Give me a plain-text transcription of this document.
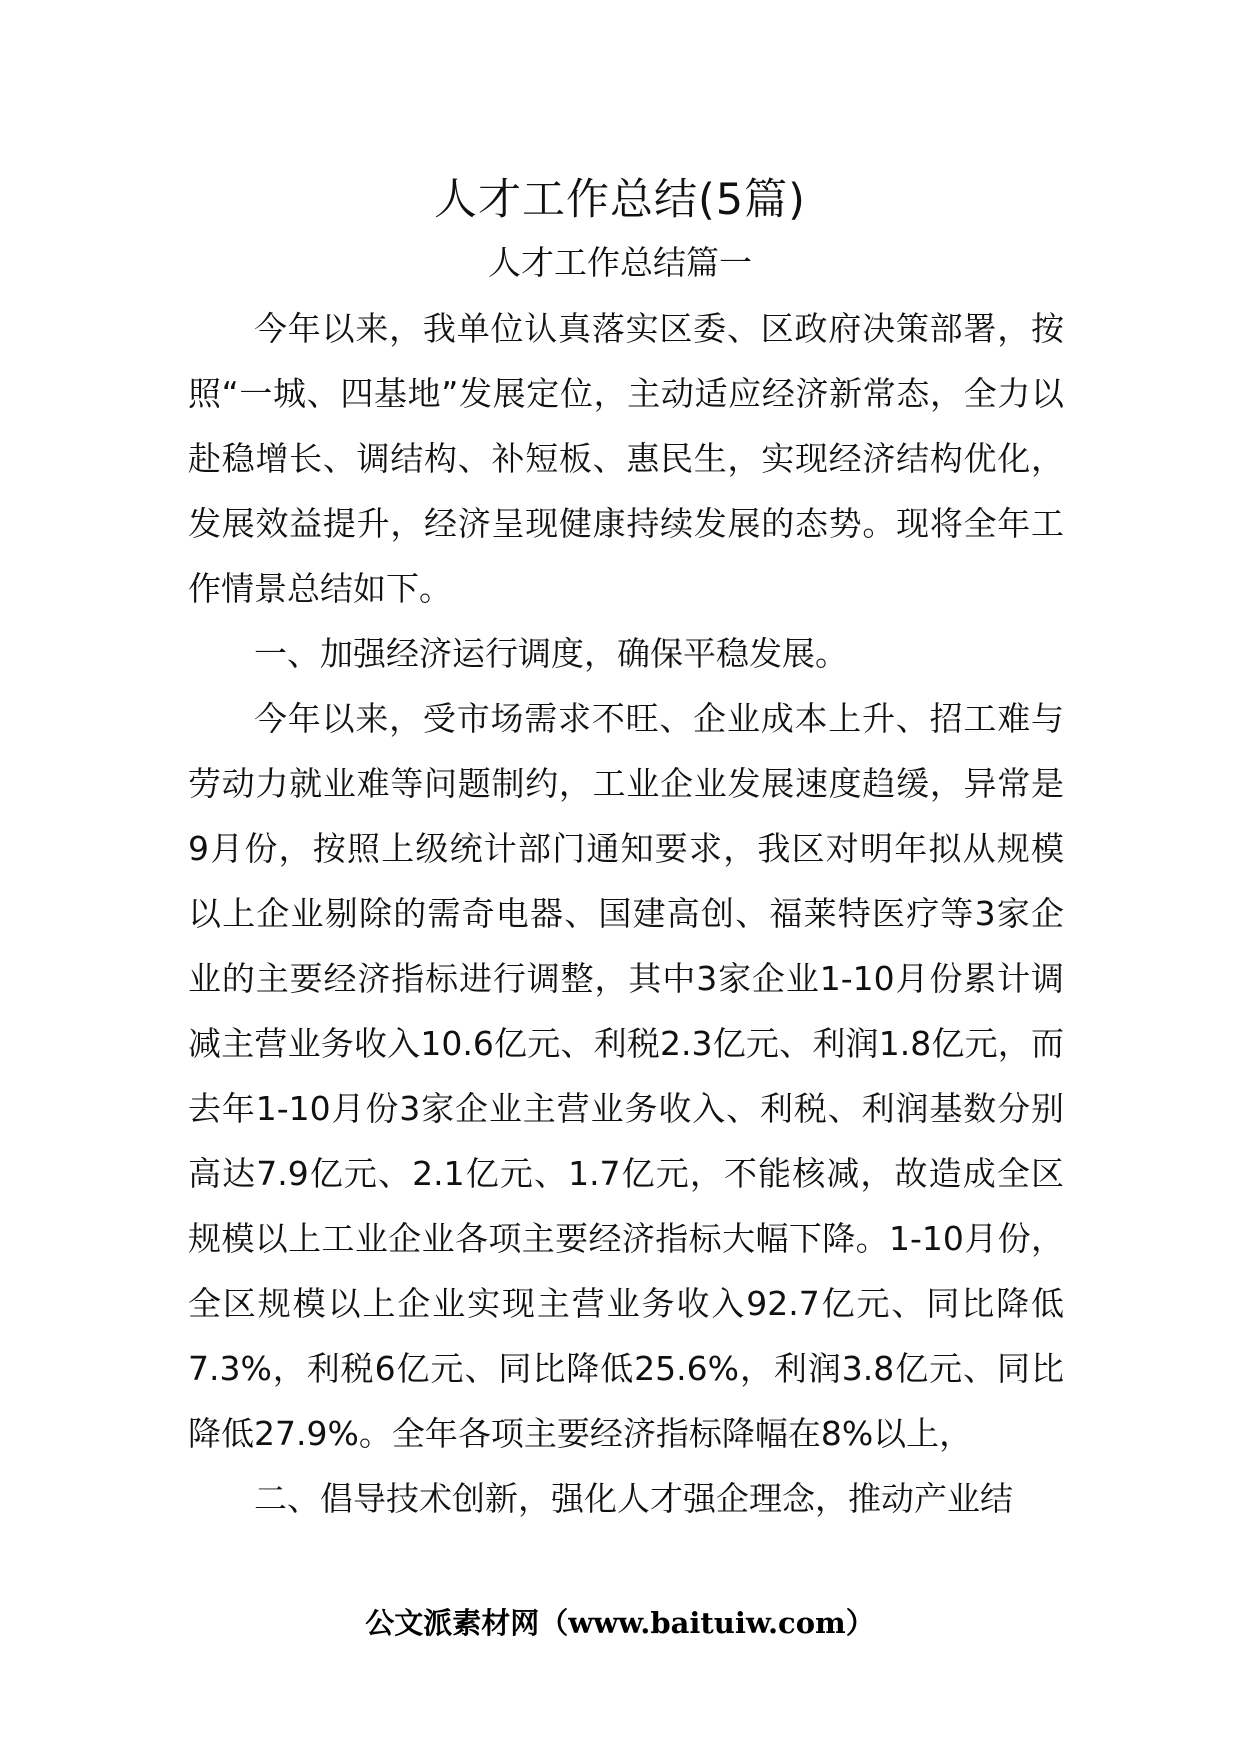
人才工作总结(5篇)
人才工作总结篇一

今年以来，我单位认真落实区委、区政府决策部署，按照“一城、四基地”发展定位，主动适应经济新常态，全力以赴稳增长、调结构、补短板、惠民生，实现经济结构优化，发展效益提升，经济呈现健康持续发展的态势。现将全年工作情景总结如下。

一、加强经济运行调度，确保平稳发展。

今年以来，受市场需求不旺、企业成本上升、招工难与劳动力就业难等问题制约，工业企业发展速度趋缓，异常是9月份，按照上级统计部门通知要求，我区对明年拟从规模以上企业剔除的需奇电器、国建高创、福莱特医疗等3家企业的主要经济指标进行调整，其中3家企业1-10月份累计调减主营业务收入10.6亿元、利税2.3亿元、利润1.8亿元，而去年1-10月份3家企业主营业务收入、利税、利润基数分别高达7.9亿元、2.1亿元、1.7亿元，不能核减，故造成全区规模以上工业企业各项主要经济指标大幅下降。1-10月份，全区规模以上企业实现主营业务收入92.7亿元、同比降低7.3%，利税6亿元、同比降低25.6%，利润3.8亿元、同比降低27.9%。全年各项主要经济指标降幅在8%以上，

二、倡导技术创新，强化人才强企理念，推动产业结

公文派素材网（www.baituiw.com）
